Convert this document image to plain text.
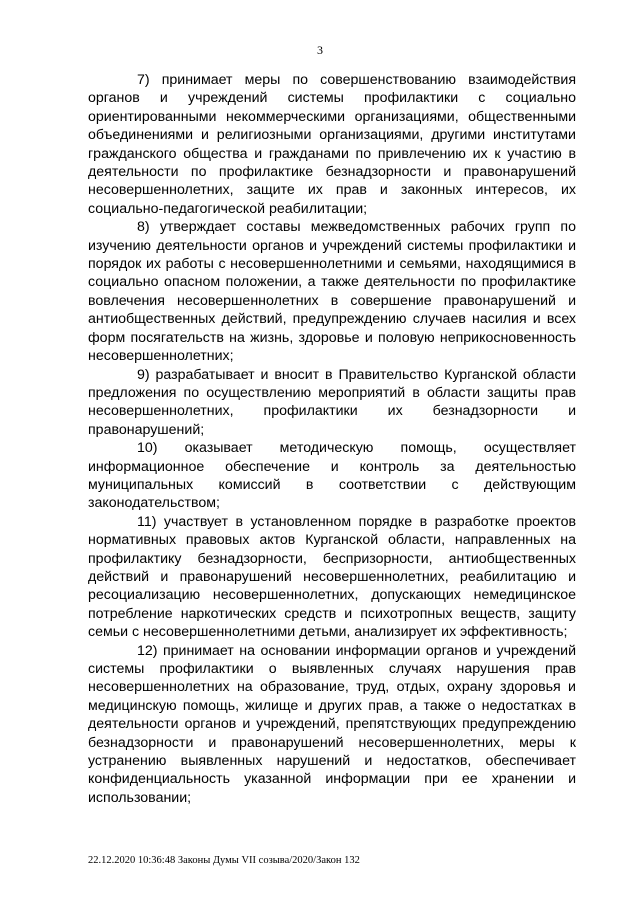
3

7) принимает меры по совершенствованию взаимодействия органов и учреждений системы профилактики с социально ориентированными некоммерческими организациями, общественными объединениями и религиозными организациями, другими институтами гражданского общества и гражданами по привлечению их к участию в деятельности по профилактике безнадзорности и правонарушений несовершеннолетних, защите их прав и законных интересов, их социально-педагогической реабилитации;

8) утверждает составы межведомственных рабочих групп по изучению деятельности органов и учреждений системы профилактики и порядок их работы с несовершеннолетними и семьями, находящимися в социально опасном положении, а также деятельности по профилактике вовлечения несовершеннолетних в совершение правонарушений и антиобщественных действий, предупреждению случаев насилия и всех форм посягательств на жизнь, здоровье и половую неприкосновенность несовершеннолетних;

9) разрабатывает и вносит в Правительство Курганской области предложения по осуществлению мероприятий в области защиты прав несовершеннолетних, профилактики их безнадзорности и правонарушений;

10) оказывает методическую помощь, осуществляет информационное обеспечение и контроль за деятельностью муниципальных комиссий в соответствии с действующим законодательством;

11) участвует в установленном порядке в разработке проектов нормативных правовых актов Курганской области, направленных на профилактику безнадзорности, беспризорности, антиобщественных действий и правонарушений несовершеннолетних, реабилитацию и ресоциализацию несовершеннолетних, допускающих немедицинское потребление наркотических средств и психотропных веществ, защиту семьи с несовершеннолетними детьми, анализирует их эффективность;

12) принимает на основании информации органов и учреждений системы профилактики о выявленных случаях нарушения прав несовершеннолетних на образование, труд, отдых, охрану здоровья и медицинскую помощь, жилище и других прав, а также о недостатках в деятельности органов и учреждений, препятствующих предупреждению безнадзорности и правонарушений несовершеннолетних, меры к устранению выявленных нарушений и недостатков, обеспечивает конфиденциальность указанной информации при ее хранении и использовании;

22.12.2020 10:36:48 Законы Думы VII созыва/2020/Закон 132
